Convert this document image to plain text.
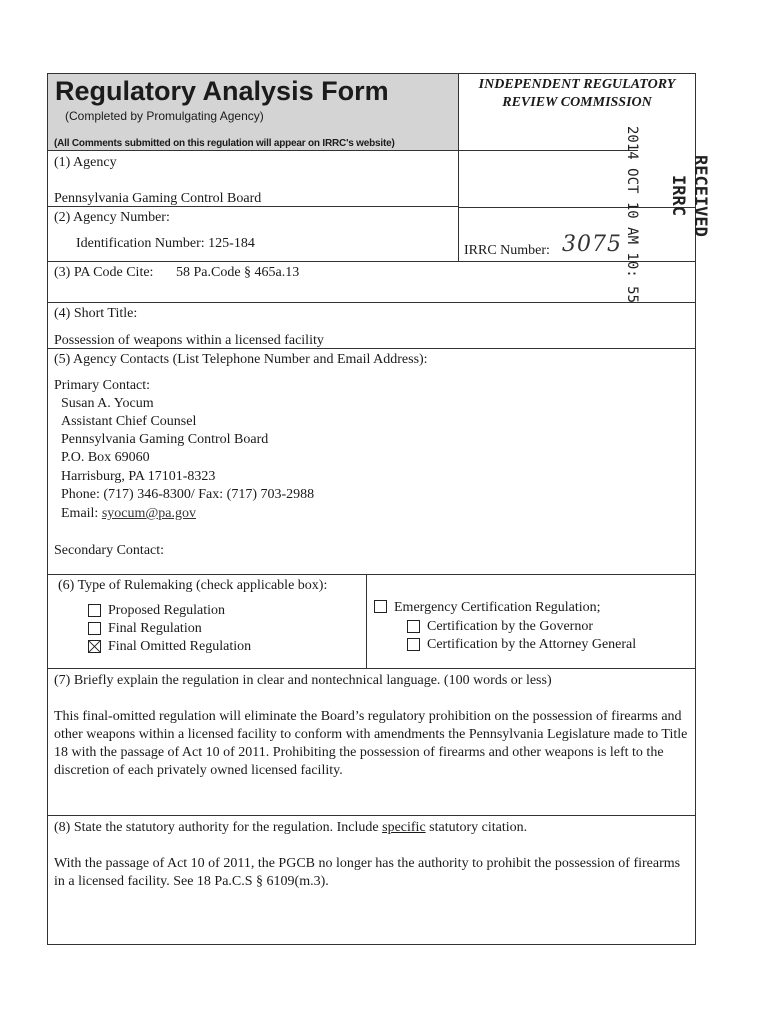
Regulatory Analysis Form
(Completed by Promulgating Agency)
(All Comments submitted on this regulation will appear on IRRC's website)
INDEPENDENT REGULATORY
REVIEW COMMISSION
(1) Agency
Pennsylvania Gaming Control Board
(2) Agency Number:
Identification Number: 125-184	IRRC Number: 3075 2014 OCT 10 AM 10: 55	RECEIVED
IRRC
(3) PA Code Cite: 58 Pa.Code § 465a.13
(4) Short Title:
Possession of weapons within a licensed facility
(5) Agency Contacts (List Telephone Number and Email Address):
Primary Contact:
Susan A. Yocum
Assistant Chief Counsel
Pennsylvania Gaming Control Board
P.O. Box 69060
Harrisburg, PA 17101-8323
Phone: (717) 346-8300/ Fax: (717) 703-2988
Email: syocum@pa.gov
Secondary Contact:
(6) Type of Rulemaking (check applicable box):
Proposed Regulation
Final Regulation
Final Omitted Regulation
Emergency Certification Regulation;
Certification by the Governor
Certification by the Attorney General
(7) Briefly explain the regulation in clear and nontechnical language. (100 words or less)
This final-omitted regulation will eliminate the Board’s regulatory prohibition on the possession of firearms and other weapons within a licensed facility to conform with amendments the Pennsylvania Legislature made to Title 18 with the passage of Act 10 of 2011. Prohibiting the possession of firearms and other weapons is left to the discretion of each privately owned licensed facility.
(8) State the statutory authority for the regulation. Include specific statutory citation.
With the passage of Act 10 of 2011, the PGCB no longer has the authority to prohibit the possession of firearms in a licensed facility. See 18 Pa.C.S § 6109(m.3).
